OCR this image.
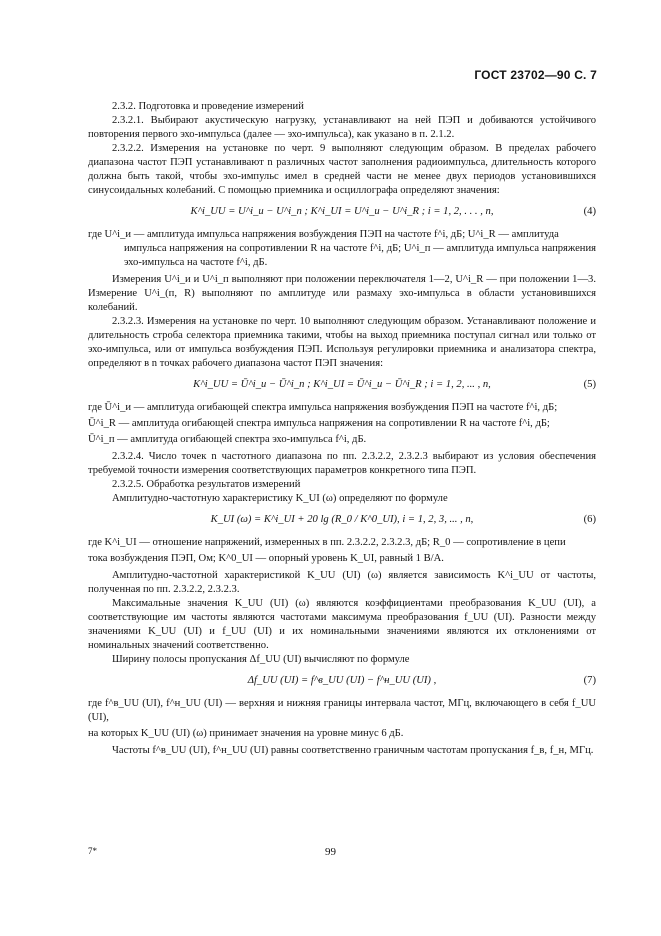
ГОСТ 23702—90 С. 7

2.3.2. Подготовка и проведение измерений

2.3.2.1. Выбирают акустическую нагрузку, устанавливают на ней ПЭП и добиваются устойчивого повторения первого эхо-импульса (далее — эхо-импульса), как указано в п. 2.1.2.

2.3.2.2. Измерения на установке по черт. 9 выполняют следующим образом. В пределах рабочего диапазона частот ПЭП устанавливают n различных частот заполнения радиоимпульса, длительность которого должна быть такой, чтобы эхо-импульс имел в средней части не менее двух периодов установившихся синусоидальных колебаний. С помощью приемника и осциллографа определяют значения:

K^i_UU = U^i_и − U^i_п ; K^i_UI = U^i_и − U^i_R ; i = 1, 2, . . . , n,	(4)

где U^i_и — амплитуда импульса напряжения возбуждения ПЭП на частоте f^i, дБ; U^i_R — амплитуда

импульса напряжения на сопротивлении R на частоте f^i, дБ; U^i_п — амплитуда импульса напряжения эхо-импульса на частоте f^i, дБ.

Измерения U^i_и и U^i_п выполняют при положении переключателя 1—2, U^i_R — при положении 1—3. Измерение U^i_(п, R) выполняют по амплитуде или размаху эхо-импульса в области установившихся колебаний.

2.3.2.3. Измерения на установке по черт. 10 выполняют следующим образом. Устанавливают положение и длительность строба селектора приемника такими, чтобы на выход приемника поступал сигнал или только от эхо-импульса, или от импульса возбуждения ПЭП. Используя регулировки приемника и анализатора спектра, определяют в n точках рабочего диапазона частот ПЭП значения:

K^i_UU = Ū^i_и − Ū^i_п ; K^i_UI = Ū^i_и − Ū^i_R ; i = 1, 2, ... , n,	(5)

где Ū^i_и — амплитуда огибающей спектра импульса напряжения возбуждения ПЭП на частоте f^i, дБ;

Ū^i_R — амплитуда огибающей спектра импульса напряжения на сопротивлении R на частоте f^i, дБ;

Ū^i_п — амплитуда огибающей спектра эхо-импульса f^i, дБ.

2.3.2.4. Число точек n частотного диапазона по пп. 2.3.2.2, 2.3.2.3 выбирают из условия обеспечения требуемой точности измерения соответствующих параметров конкретного типа ПЭП.

2.3.2.5. Обработка результатов измерений

Амплитудно-частотную характеристику K_UI (ω) определяют по формуле

K_UI (ω) = K^i_UI + 20 lg (R_0 / K^0_UI), i = 1, 2, 3, ... , n,	(6)

где K^i_UI — отношение напряжений, измеренных в пп. 2.3.2.2, 2.3.2.3, дБ; R_0 — сопротивление в цепи

тока возбуждения ПЭП, Ом; K^0_UI — опорный уровень K_UI, равный 1 В/А.

Амплитудно-частотной характеристикой K_UU (UI) (ω) является зависимость K^i_UU от частоты, полученная по пп. 2.3.2.2, 2.3.2.3.

Максимальные значения K_UU (UI) (ω) являются коэффициентами преобразования K_UU (UI), а соответствующие им частоты являются частотами максимума преобразования f_UU (UI). Разности между значениями K_UU (UI) и f_UU (UI) и их номинальными значениями являются их отклонениями от номинальных значений соответственно.

Ширину полосы пропускания Δf_UU (UI) вычисляют по формуле

Δf_UU (UI) = f^в_UU (UI) − f^н_UU (UI) ,	(7)

где f^в_UU (UI), f^н_UU (UI) — верхняя и нижняя границы интервала частот, МГц, включающего в себя f_UU (UI),

на которых K_UU (UI) (ω) принимает значения на уровне минус 6 дБ.

Частоты f^в_UU (UI), f^н_UU (UI) равны соответственно граничным частотам пропускания f_в, f_н, МГц.

7*	99
